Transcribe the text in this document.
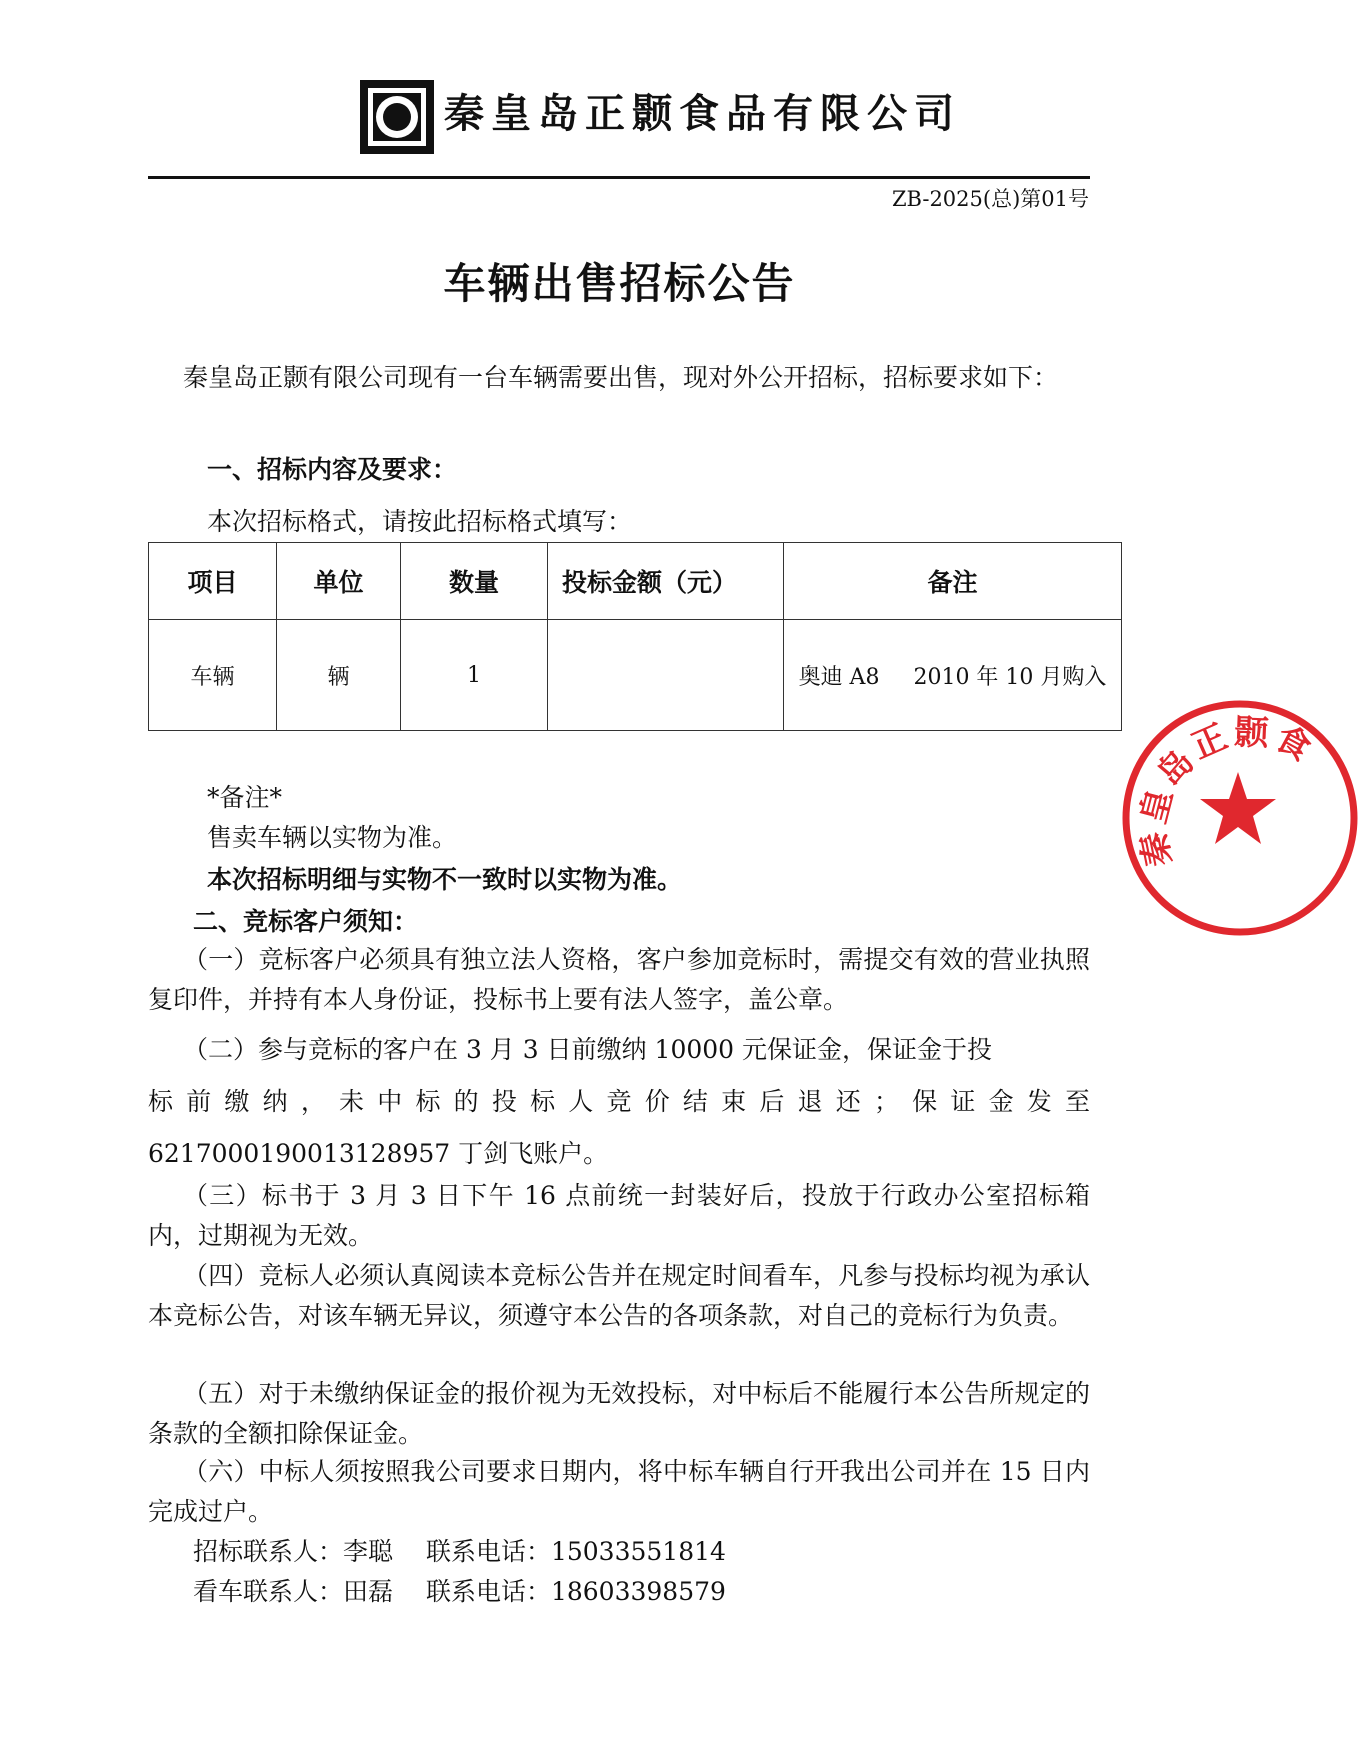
秦皇岛正颢食品有限公司
ZB-2025(总)第01号
车辆出售招标公告
秦皇岛正颢有限公司现有一台车辆需要出售，现对外公开招标，招标要求如下：
一、招标内容及要求：
本次招标格式，请按此招标格式填写：
项目	单位	数量	投标金额（元）	备注
车辆	辆	1		奥迪 A8 2010 年 10 月购入
*备注*
售卖车辆以实物为准。
本次招标明细与实物不一致时以实物为准。
二、竞标客户须知：
（一）竞标客户必须具有独立法人资格，客户参加竞标时，需提交有效的营业执照复印件，并持有本人身份证，投标书上要有法人签字，盖公章。
（二）参与竞标的客户在 3 月 3 日前缴纳 10000 元保证金，保证金于投
标前缴纳，未中标的投标人竞价结束后退还；保证金发至
6217000190013128957 丁剑飞账户。
（三）标书于 3 月 3 日下午 16 点前统一封装好后，投放于行政办公室招标箱内，过期视为无效。
（四）竞标人必须认真阅读本竞标公告并在规定时间看车，凡参与投标均视为承认本竞标公告，对该车辆无异议，须遵守本公告的各项条款，对自己的竞标行为负责。
（五）对于未缴纳保证金的报价视为无效投标，对中标后不能履行本公告所规定的条款的全额扣除保证金。
（六）中标人须按照我公司要求日期内，将中标车辆自行开我出公司并在 15 日内完成过户。
招标联系人：李聪　 联系电话：15033551814
看车联系人：田磊　 联系电话：18603398579
秦皇岛正颢食
